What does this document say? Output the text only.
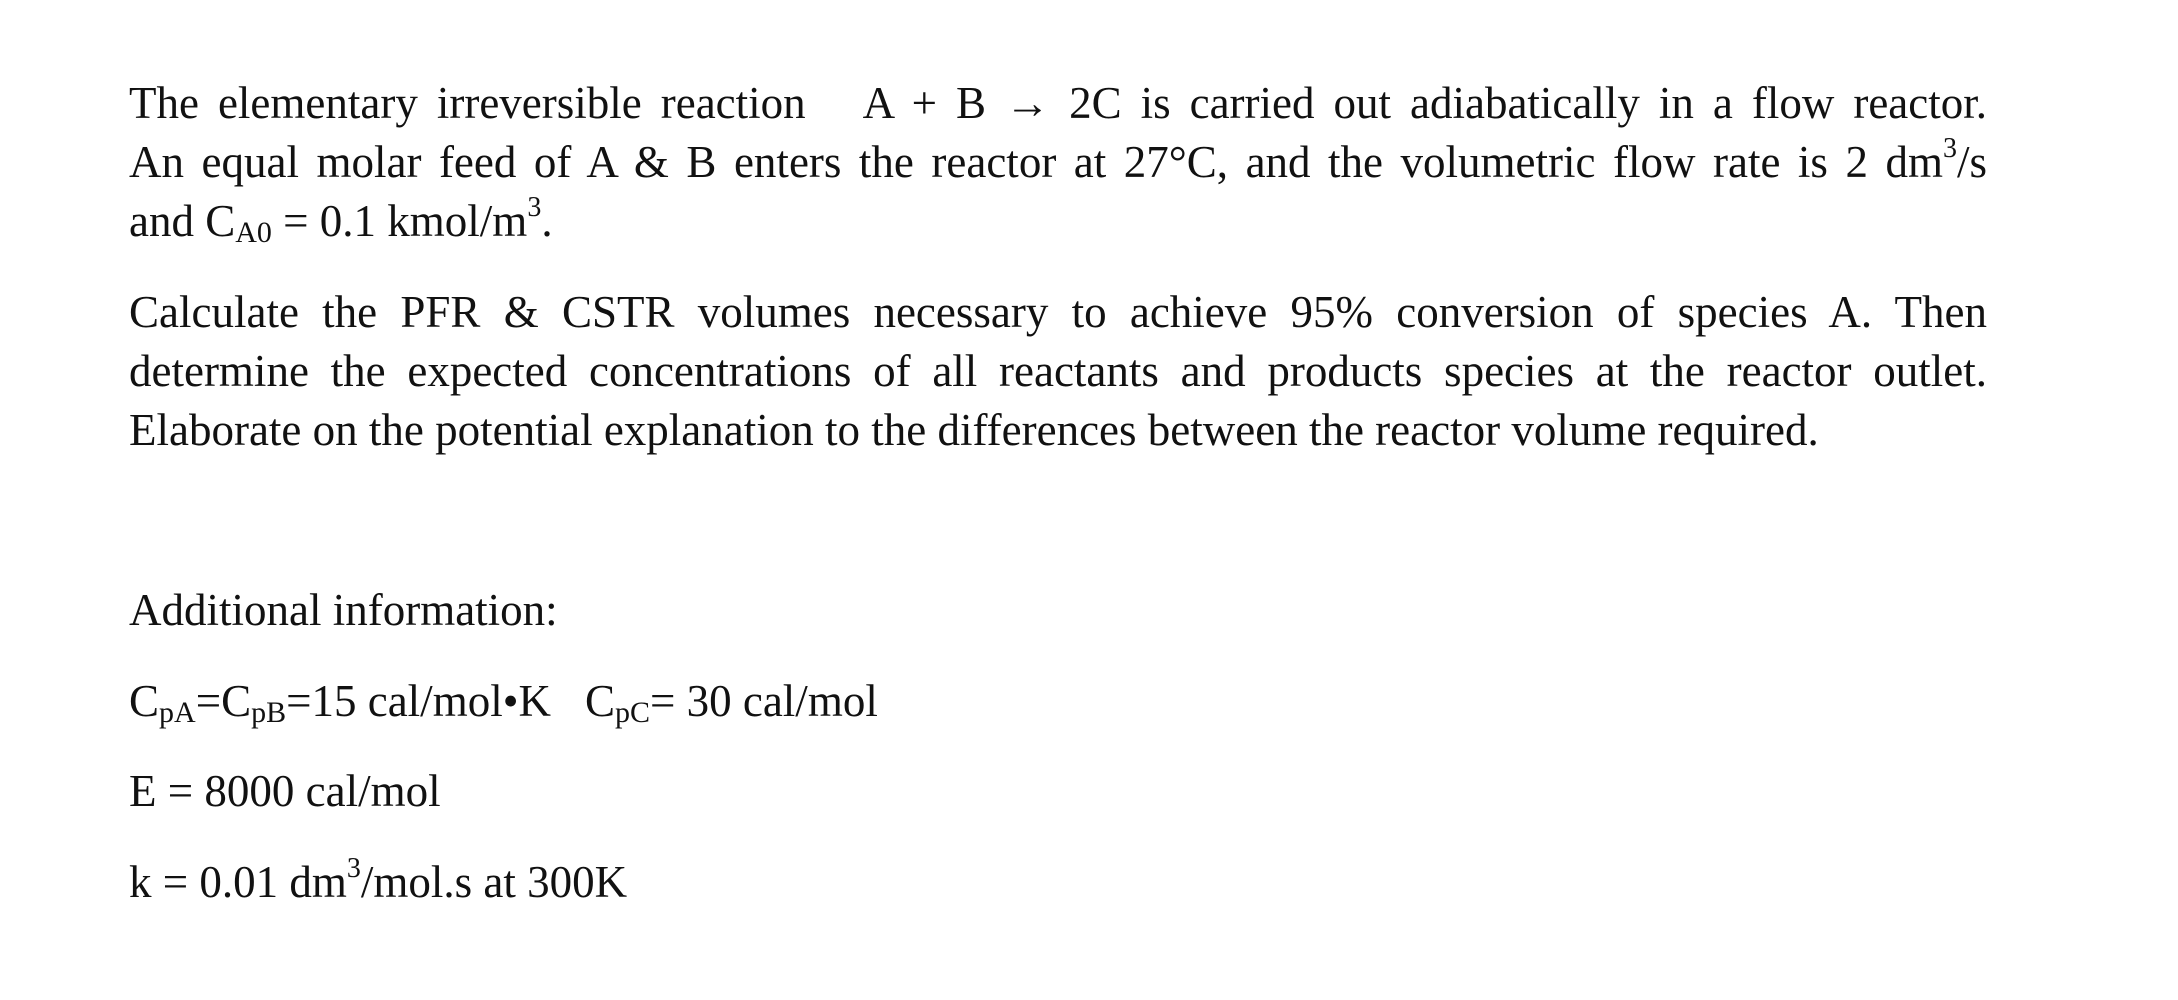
The elementary irreversible reaction   A + B → 2C is carried out adiabatically in a flow reactor.
An equal molar feed of A & B enters the reactor at 27°C, and the volumetric flow rate is 2 $dm^3/s$
and $C_{A0} = 0.1$ kmol/$m^3$.
Calculate the PFR & CSTR volumes necessary to achieve 95% conversion of species A. Then
determine the expected concentrations of all reactants and products species at the reactor outlet.
Elaborate on the potential explanation to the differences between the reactor volume required.
Additional information:
$C_{pA}=C_{pB}=15$ cal/mol•K $C_{pC}= 30$ cal/mol
E = 8000 cal/mol
k = 0.01 $dm^3/mol.s$ at 300K
